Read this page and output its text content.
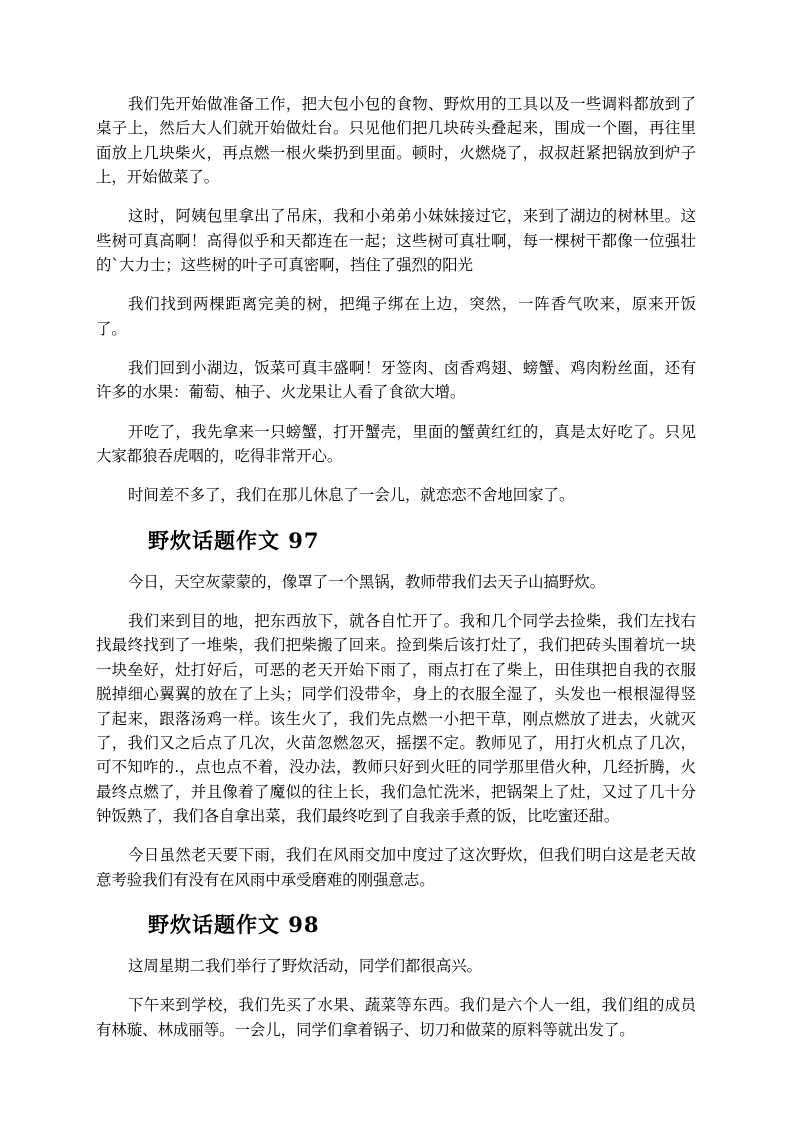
我们先开始做准备工作，把大包小包的食物、野炊用的工具以及一些调料都放到了桌子上，然后大人们就开始做灶台。只见他们把几块砖头叠起来，围成一个圈，再往里面放上几块柴火，再点燃一根火柴扔到里面。顿时，火燃烧了，叔叔赶紧把锅放到炉子上，开始做菜了。

这时，阿姨包里拿出了吊床，我和小弟弟小妹妹接过它，来到了湖边的树林里。这些树可真高啊！高得似乎和天都连在一起；这些树可真壮啊，每一棵树干都像一位强壮的`大力士；这些树的叶子可真密啊，挡住了强烈的阳光

我们找到两棵距离完美的树，把绳子绑在上边，突然，一阵香气吹来，原来开饭了。

我们回到小湖边，饭菜可真丰盛啊！牙签肉、卤香鸡翅、螃蟹、鸡肉粉丝面，还有许多的水果：葡萄、柚子、火龙果让人看了食欲大增。

开吃了，我先拿来一只螃蟹，打开蟹壳，里面的蟹黄红红的，真是太好吃了。只见大家都狼吞虎咽的，吃得非常开心。

时间差不多了，我们在那儿休息了一会儿，就恋恋不舍地回家了。

野炊话题作文 97

今日，天空灰蒙蒙的，像罩了一个黑锅，教师带我们去天子山搞野炊。

我们来到目的地，把东西放下，就各自忙开了。我和几个同学去捡柴，我们左找右找最终找到了一堆柴，我们把柴搬了回来。捡到柴后该打灶了，我们把砖头围着坑一块一块垒好，灶打好后，可恶的老天开始下雨了，雨点打在了柴上，田佳琪把自我的衣服脱掉细心翼翼的放在了上头；同学们没带伞，身上的衣服全湿了，头发也一根根湿得竖了起来，跟落汤鸡一样。该生火了，我们先点燃一小把干草，刚点燃放了进去，火就灭了，我们又之后点了几次，火苗忽燃忽灭，摇摆不定。教师见了，用打火机点了几次，可不知咋的.，点也点不着，没办法，教师只好到火旺的同学那里借火种，几经折腾，火最终点燃了，并且像着了魔似的往上长，我们急忙洗米，把锅架上了灶，又过了几十分钟饭熟了，我们各自拿出菜，我们最终吃到了自我亲手煮的饭，比吃蜜还甜。

今日虽然老天要下雨，我们在风雨交加中度过了这次野炊，但我们明白这是老天故意考验我们有没有在风雨中承受磨难的刚强意志。

野炊话题作文 98

这周星期二我们举行了野炊活动，同学们都很高兴。

下午来到学校，我们先买了水果、蔬菜等东西。我们是六个人一组，我们组的成员有林璇、林成丽等。一会儿，同学们拿着锅子、切刀和做菜的原料等就出发了。
